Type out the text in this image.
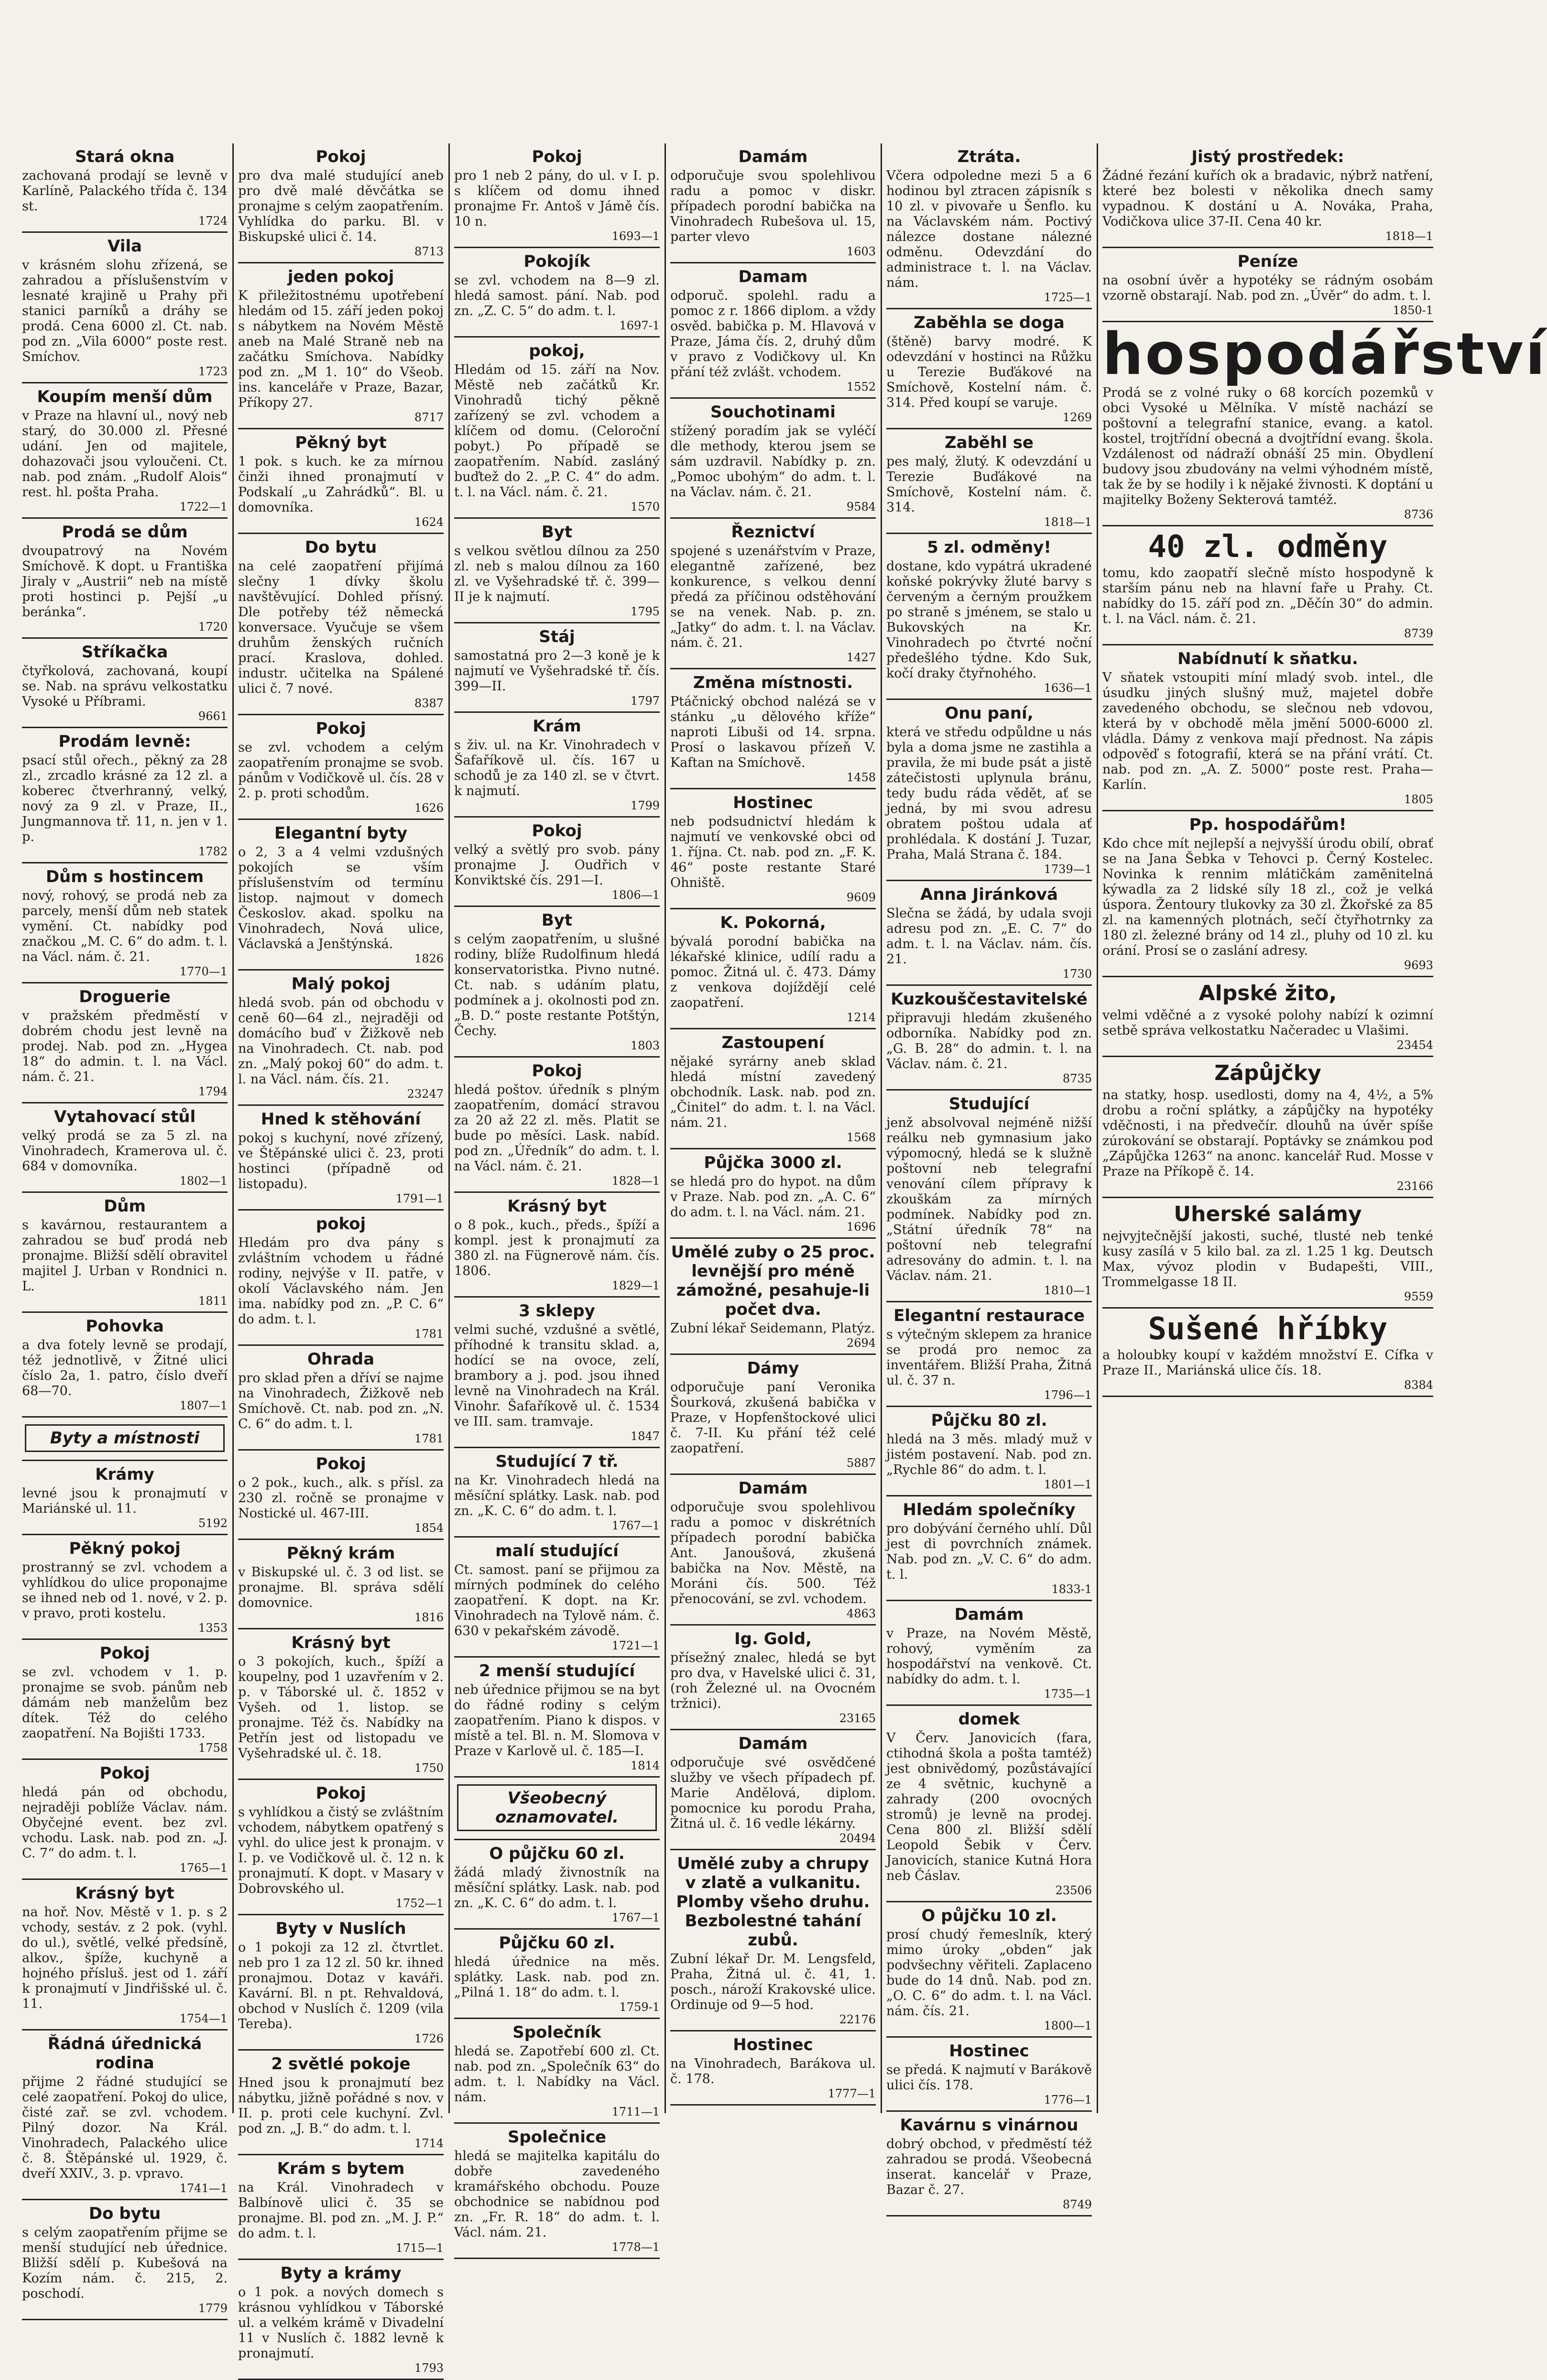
Stará okna
zachovaná prodají se levně v Karlíně, Palackého třída č. 134 st.
1724
Vila
v krásném slohu zřízená, se zahradou a příslušenstvím v lesnaté krajině u Prahy při stanici parníků a dráhy se prodá. Cena 6000 zl. Ct. nab. pod zn. „Vila 6000“ poste rest. Smíchov.
1723
Koupím menší dům
v Praze na hlavní ul., nový neb starý, do 30.000 zl. Přesné udání. Jen od majitele, dohazovači jsou vyloučeni. Ct. nab. pod znám. „Rudolf Alois“ rest. hl. pošta Praha.
1722—1
Prodá se dům
dvoupatrový na Novém Smíchově. K dopt. u Františka Jiraly v „Austrii“ neb na místě proti hostinci p. Pejší „u beránka“.
1720
Stříkačka
čtyřkolová, zachovaná, koupí se. Nab. na správu velkostatku Vysoké u Příbrami.
9661
Prodám levně:
psací stůl ořech., pěkný za 28 zl., zrcadlo krásné za 12 zl. a koberec čtverhranný, velký, nový za 9 zl. v Praze, II., Jungmannova tř. 11, n. jen v 1. p.
1782
Dům s hostincem
nový, rohový, se prodá neb za parcely, menší dům neb statek vymění. Ct. nabídky pod značkou „M. C. 6“ do adm. t. l. na Václ. nám. č. 21.
1770—1
Droguerie
v pražském předměstí v dobrém chodu jest levně na prodej. Nab. pod zn. „Hygea 18“ do admin. t. l. na Václ. nám. č. 21.
1794
Vytahovací stůl
velký prodá se za 5 zl. na Vinohradech, Kramerova ul. č. 684 v domovníka.
1802—1
Dům
s kavárnou, restaurantem a zahradou se buď prodá neb pronajme. Bližší sdělí obravitel majitel J. Urban v Rondnici n. L.
1811
Pohovka
a dva fotely levně se prodají, též jednotlivě, v Žitné ulici číslo 2a, 1. patro, číslo dveří 68—70.
1807—1
Byty a místnosti
Krámy
levné jsou k pronajmutí v Mariánské ul. 11.
5192
Pěkný pokoj
prostranný se zvl. vchodem a vyhlídkou do ulice proponajme se ihned neb od 1. nové, v 2. p. v pravo, proti kostelu.
1353
Pokoj
se zvl. vchodem v 1. p. pronajme se svob. pánům neb dámám neb manželům bez dítek. Též do celého zaopatření. Na Bojišti 1733.
1758
Pokoj
hledá pán od obchodu, nejraději poblíže Václav. nám. Obyčejné event. bez zvl. vchodu. Lask. nab. pod zn. „J. C. 7“ do adm. t. l.
1765—1
Krásný byt
na hoř. Nov. Městě v 1. p. s 2 vchody, sestáv. z 2 pok. (vyhl. do ul.), světlé, velké předsíně, alkov., špíže, kuchyně a hojného přísluš. jest od 1. září k pronajmutí v Jindřišské ul. č. 11.
1754—1
Řádná úřednická rodina
přijme 2 řádné studující se celé zaopatření. Pokoj do ulice, čisté zař. se zvl. vchodem. Pilný dozor. Na Král. Vinohradech, Palackého ulice č. 8. Štěpánské ul. 1929, č. dveří XXIV., 3. p. vpravo.
1741—1
Do bytu
s celým zaopatřením přijme se menší studující neb úřednice. Bližší sdělí p. Kubešová na Kozím nám. č. 215, 2. poschodí.
1779
Pokoj
pro dva malé studující aneb pro dvě malé děvčátka se pronajme s celým zaopatřením. Vyhlídka do parku. Bl. v Biskupské ulici č. 14.
8713
jeden pokoj
K přiležitostnému upotřebení hledám od 15. září jeden pokoj s nábytkem na Novém Městě aneb na Malé Straně neb na začátku Smíchova. Nabídky pod zn. „M 1. 10“ do Všeob. ins. kanceláře v Praze, Bazar, Příkopy 27.
8717
Pěkný byt
1 pok. s kuch. ke za mírnou činži ihned pronajmutí v Podskalí „u Zahrádků“. Bl. u domovníka.
1624
Do bytu
na celé zaopatření přijímá slečny 1 dívky školu navštěvující. Dohled přísný. Dle potřeby též německá konversace. Vyučuje se všem druhům ženských ručních prací. Kraslova, dohled. industr. učitelka na Spálené ulici č. 7 nové.
8387
Pokoj
se zvl. vchodem a celým zaopatřením pronajme se svob. pánům v Vodičkově ul. čís. 28 v 2. p. proti schodům.
1626
Elegantní byty
o 2, 3 a 4 velmi vzdušných pokojích se vším příslušenstvím od termínu listop. najmout v domech Českoslov. akad. spolku na Vinohradech, Nová ulice, Václavská a Jenštýnská.
1826
Malý pokoj
hledá svob. pán od obchodu v ceně 60—64 zl., nejraději od domácího buď v Žižkově neb na Vinohradech. Ct. nab. pod zn. „Malý pokoj 60“ do adm. t. l. na Václ. nám. čís. 21.
23247
Hned k stěhování
pokoj s kuchyní, nové zřízený, ve Štěpánské ulici č. 23, proti hostinci (případně od listopadu).
1791—1
pokoj
Hledám pro dva pány s zvláštním vchodem u řádné rodiny, nejvýše v II. patře, v okolí Václavského nám. Jen ima. nabídky pod zn. „P. C. 6“ do adm. t. l.
1781
Ohrada
pro sklad přen a dříví se najme na Vinohradech, Žižkově neb Smíchově. Ct. nab. pod zn. „N. C. 6“ do adm. t. l.
1781
Pokoj
o 2 pok., kuch., alk. s přísl. za 230 zl. ročně se pronajme v Nostické ul. 467-III.
1854
Pěkný krám
v Biskupské ul. č. 3 od list. se pronajme. Bl. správa sdělí domovnice.
1816
Krásný byt
o 3 pokojích, kuch., špíží a koupelny, pod 1 uzavřením v 2. p. v Táborské ul. č. 1852 v Vyšeh. od 1. listop. se pronajme. Též čs. Nabídky na Petřín jest od listopadu ve Vyšehradské ul. č. 18.
1750
Pokoj
s vyhlídkou a čistý se zvláštním vchodem, nábytkem opatřený s vyhl. do ulice jest k pronajm. v I. p. ve Vodičkově ul. č. 12 n. k pronajmutí. K dopt. v Masary v Dobrovského ul.
1752—1
Byty v Nuslích
o 1 pokoji za 12 zl. čtvrtlet. neb pro 1 za 12 zl. 50 kr. ihned pronajmou. Dotaz v kaváři. Kavární. Bl. n pt. Rehvaldová, obchod v Nuslích č. 1209 (vila Tereba).
1726
2 světlé pokoje
Hned jsou k pronajmutí bez nábytku, jižně pořádné s nov. v II. p. proti cele kuchyní. Zvl. pod zn. „J. B.“ do adm. t. l.
1714
Krám s bytem
na Král. Vinohradech v Balbínově ulici č. 35 se pronajme. Bl. pod zn. „M. J. P.“ do adm. t. l.
1715—1
Byty a krámy
o 1 pok. a nových domech s krásnou vyhlídkou v Táborské ul. a velkém krámě v Divadelní 11 v Nuslích č. 1882 levně k pronajmutí.
1793
Pokoj
pro 1 neb 2 pány, do ul. v I. p. s klíčem od domu ihned pronajme Fr. Antoš v Jámě čís. 10 n.
1693—1
Pokojík
se zvl. vchodem na 8—9 zl. hledá samost. pání. Nab. pod zn. „Z. C. 5“ do adm. t. l.
1697-1
pokoj,
Hledám od 15. září na Nov. Městě neb začátků Kr. Vinohradů tichý pěkně zařízený se zvl. vchodem a klíčem od domu. (Celoroční pobyt.) Po případě se zaopatřením. Nabíd. zasláný buďtež do 2. „P. C. 4“ do adm. t. l. na Václ. nám. č. 21.
1570
Byt
s velkou světlou dílnou za 250 zl. neb s malou dílnou za 160 zl. ve Vyšehradské tř. č. 399—II je k najmutí.
1795
Stáj
samostatná pro 2—3 koně je k najmutí ve Vyšehradské tř. čís. 399—II.
1797
Krám
s živ. ul. na Kr. Vinohradech v Šafaříkově ul. čís. 167 u schodů je za 140 zl. se v čtvrt. k najmutí.
1799
Pokoj
velký a světlý pro svob. pány pronajme J. Oudřich v Konviktské čís. 291—I.
1806—1
Byt
s celým zaopatřením, u slušné rodiny, blíže Rudolfinum hledá konservatoristka. Pivno nutné. Ct. nab. s udáním platu, podmínek a j. okolnosti pod zn. „B. D.“ poste restante Potštýn, Čechy.
1803
Pokoj
hledá poštov. úředník s plným zaopatřením, domácí stravou za 20 až 22 zl. měs. Platit se bude po měsíci. Lask. nabíd. pod zn. „Úředník“ do adm. t. l. na Václ. nám. č. 21.
1828—1
Krásný byt
o 8 pok., kuch., předs., špíží a kompl. jest k pronajmutí za 380 zl. na Fügnerově nám. čís. 1806.
1829—1
3 sklepy
velmi suché, vzdušné a světlé, příhodné k transitu sklad. a, hodící se na ovoce, zelí, brambory a j. pod. jsou ihned levně na Vinohradech na Král. Vinohr. Šafaříkově ul. č. 1534 ve III. sam. tramvaje.
1847
Studující 7 tř.
na Kr. Vinohradech hledá na měsíční splátky. Lask. nab. pod zn. „K. C. 6“ do adm. t. l.
1767—1
malí studující
Ct. samost. paní se přijmou za mírných podmínek do celého zaopatření. K dopt. na Kr. Vinohradech na Tylově nám. č. 630 v pekařském závodě.
1721—1
2 menší studující
neb úřednice přijmou se na byt do řádné rodiny s celým zaopatřením. Piano k dispos. v místě a tel. Bl. n. M. Slomova v Praze v Karlově ul. č. 185—I.
1814
Všeobecný oznamovatel.
O půjčku 60 zl.
žádá mladý živnostník na měsíční splátky. Lask. nab. pod zn. „K. C. 6“ do adm. t. l.
1767—1
Půjčku 60 zl.
hledá úřednice na měs. splátky. Lask. nab. pod zn. „Pilná 1. 18“ do adm. t. l.
1759-1
Společník
hledá se. Zapotřebí 600 zl. Ct. nab. pod zn. „Společník 63“ do adm. t. l. Nabídky na Václ. nám.
1711—1
Společnice
hledá se majitelka kapitálu do dobře zavedeného kramářského obchodu. Pouze obchodnice se nabídnou pod zn. „Fr. R. 18“ do adm. t. l. Václ. nám. 21.
1778—1
Damám
odporučuje svou spolehlivou radu a pomoc v diskr. případech porodní babička na Vinohradech Rubešova ul. 15, parter vlevo
1603
Damam
odporuč. spolehl. radu a pomoc z r. 1866 diplom. a vždy osvěd. babička p. M. Hlavová v Praze, Jáma čís. 2, druhý dům v pravo z Vodičkovy ul. Kn přání též zvlášt. vchodem.
1552
Souchotinami
stížený poradím jak se vyléčí dle methody, kterou jsem se sám uzdravil. Nabídky p. zn. „Pomoc ubohým“ do adm. t. l. na Václav. nám. č. 21.
9584
Řeznictví
spojené s uzenářstvím v Praze, elegantně zařízené, bez konkurence, s velkou denní předá za příčinou odstěhování se na venek. Nab. p. zn. „Jatky“ do adm. t. l. na Václav. nám. č. 21.
1427
Změna místnosti.
Ptáčnický obchod nalézá se v stánku „u dělového kříže“ naproti Libuši od 14. srpna. Prosí o laskavou přízeň V. Kaftan na Smíchově.
1458
Hostinec
neb podsudnictví hledám k najmutí ve venkovské obci od 1. října. Ct. nab. pod zn. „F. K. 46“ poste restante Staré Ohniště.
9609
K. Pokorná,
bývalá porodní babička na lékařské klinice, udílí radu a pomoc. Žitná ul. č. 473. Dámy z venkova dojíždějí celé zaopatření.
1214
Zastoupení
nějaké syrárny aneb sklad hledá místní zavedený obchodník. Lask. nab. pod zn. „Činitel“ do adm. t. l. na Václ. nám. 21.
1568
Půjčka 3000 zl.
se hledá pro do hypot. na dům v Praze. Nab. pod zn. „A. C. 6“ do adm. t. l. na Václ. nám. 21.
1696
Umělé zuby o 25 proc. levnější pro méně zámožné, pesahuje-li počet dva.
Zubní lékař Seidemann, Platýz.
2694
Dámy
odporučuje paní Veronika Šourková, zkušená babička v Praze, v Hopfenštockové ulici č. 7-II. Ku přání též celé zaopatření.
5887
Damám
odporučuje svou spolehlivou radu a pomoc v diskrétních případech porodní babička Ant. Janoušová, zkušená babička na Nov. Městě, na Moráni čís. 500. Též přenocování, se zvl. vchodem.
4863
Ig. Gold,
přísežný znalec, hledá se byt pro dva, v Havelské ulici č. 31, (roh Železné ul. na Ovocném tržnici).
23165
Damám
odporučuje své osvědčené služby ve všech případech pf. Marie Andělová, diplom. pomocnice ku porodu Praha, Žitná ul. č. 16 vedle lékárny.
20494
Umělé zuby a chrupy v zlatě a vulkanitu. Plomby všeho druhu. Bezbolestné tahání zubů.
Zubní lékař Dr. M. Lengsfeld, Praha, Žitná ul. č. 41, 1. posch., nároží Krakovské ulice. Ordinuje od 9—5 hod.
22176
Hostinec
na Vinohradech, Barákova ul. č. 178.
1777—1
Ztráta.
Včera odpoledne mezi 5 a 6 hodinou byl ztracen zápisník s 10 zl. v pivovaře u Šenflo. ku na Václavském nám. Poctivý nálezce dostane nálezné odměnu. Odevzdání do administrace t. l. na Václav. nám.
1725—1
Zaběhla se doga
(štěně) barvy modré. K odevzdání v hostinci na Růžku u Terezie Buďákové na Smíchově, Kostelní nám. č. 314. Před koupí se varuje.
1269
Zaběhl se
pes malý, žlutý. K odevzdání u Terezie Buďákové na Smíchově, Kostelní nám. č. 314.
1818—1
5 zl. odměny!
dostane, kdo vypátrá ukradené koňské pokrývky žluté barvy s červeným a černým proužkem po straně s jménem, se stalo u Bukovských na Kr. Vinohradech po čtvrté noční předešlého týdne. Kdo Suk, kočí draky čtyřnohého.
1636—1
Onu paní,
která ve středu odpůldne u nás byla a doma jsme ne zastihla a pravila, že mi bude psát a jistě zátečistosti uplynula bránu, tedy budu ráda vědět, ať se jedná, by mi svou adresu obratem poštou udala ať prohlédala. K dostání J. Tuzar, Praha, Malá Strana č. 184.
1739—1
Anna Jiránková
Slečna se žádá, by udala svoji adresu pod zn. „E. C. 7“ do adm. t. l. na Václav. nám. čís. 21.
1730
Kuzkouščestavitelské
připravuji hledám zkušeného odborníka. Nabídky pod zn. „G. B. 28“ do admin. t. l. na Václav. nám. č. 21.
8735
Studující
jenž absolvoval nejméně nižší reálku neb gymnasium jako výpomocný, hledá se k služně poštovní neb telegrafní venování cílem přípravy k zkouškám za mírných podmínek. Nabídky pod zn. „Státní úředník 78“ na poštovní neb telegrafní adresovány do admin. t. l. na Václav. nám. 21.
1810—1
Elegantní restaurace
s výtečným sklepem za hranice se prodá pro nemoc za inventářem. Bližší Praha, Žitná ul. č. 37 n.
1796—1
Půjčku 80 zl.
hledá na 3 měs. mladý muž v jistém postavení. Nab. pod zn. „Rychle 86“ do adm. t. l.
1801—1
Hledám společníky
pro dobývání černého uhlí. Důl jest di povrchních známek. Nab. pod zn. „V. C. 6“ do adm. t. l.
1833-1
Damám
v Praze, na Novém Městě, rohový, vyměním za hospodářství na venkově. Ct. nabídky do adm. t. l.
1735—1
domek
V Červ. Janovicích (fara, ctihodná škola a pošta tamtéž) jest obnivědomý, pozůstávající ze 4 světnic, kuchyně a zahrady (200 ovocných stromů) je levně na prodej. Cena 800 zl. Bližší sdělí Leopold Šebik v Červ. Janovicích, stanice Kutná Hora neb Čáslav.
23506
O půjčku 10 zl.
prosí chudý řemeslník, který mimo úroky „obden“ jak podvšechny věřiteli. Zaplaceno bude do 14 dnů. Nab. pod zn. „O. C. 6“ do adm. t. l. na Václ. nám. čís. 21.
1800—1
Hostinec
se předá. K najmutí v Barákově ulici čís. 178.
1776—1
Kavárnu s vinárnou
dobrý obchod, v předměstí též zahradou se prodá. Všeobecná inserat. kancelář v Praze, Bazar č. 27.
8749
Jistý prostředek:
Žádné řezání kuřích ok a bradavic, nýbrž natření, které bez bolesti v několika dnech samy vypadnou. K dostání u A. Nováka, Praha, Vodičkova ulice 37-II. Cena 40 kr.
1818—1
Peníze
na osobní úvěr a hypotéky se rádným osobám vzorně obstarají. Nab. pod zn. „Úvěr“ do adm. t. l.
1850-1
hospodářství
Prodá se z volné ruky o 68 korcích pozemků v obci Vysoké u Mělníka. V místě nachází se poštovní a telegrafní stanice, evang. a katol. kostel, trojtřídní obecná a dvojtřídní evang. škola. Vzdálenost od nádraží obnáší 25 min. Obydlení budovy jsou zbudovány na velmi výhodném místě, tak že by se hodily i k nějaké živnosti. K doptání u majitelky Boženy Sekterová tamtéž.
8736
40 zl. odměny
tomu, kdo zaopatří slečně místo hospodyně k starším pánu neb na hlavní faře u Prahy. Ct. nabídky do 15. září pod zn. „Děčín 30“ do admin. t. l. na Václ. nám. č. 21.
8739
Nabídnutí k sňatku.
V sňatek vstoupiti míní mladý svob. intel., dle úsudku jiných slušný muž, majetel dobře zavedeného obchodu, se slečnou neb vdovou, která by v obchodě měla jmění 5000-6000 zl. vládla. Dámy z venkova mají přednost. Na zápis odpověď s fotografií, která se na přání vrátí. Ct. nab. pod zn. „A. Z. 5000“ poste rest. Praha—Karlín.
1805
Pp. hospodářům!
Kdo chce mít nejlepší a nejvyšší úrodu obilí, obrať se na Jana Šebka v Tehovci p. Černý Kostelec. Novinka k rennim mlátičkám zaměnitelná kýwadla za 2 lidské síly 18 zl., což je velká úspora. Žentoury tlukovky za 30 zl. Žkořské za 85 zl. na kamenných plotnách, sečí čtyřhotrnky za 180 zl. železné brány od 14 zl., pluhy od 10 zl. ku orání. Prosí se o zaslání adresy.
9693
Alpské žito,
velmi vděčné a z vysoké polohy nabízí k ozimní setbě správa velkostatku Načeradec u Vlašimi.
23454
Zápůjčky
na statky, hosp. usedlosti, domy na 4, 4½, a 5% drobu a roční splátky, a zápůjčky na hypotéky vděčnosti, i na předvečír. dlouhů na úvěr spíše zúrokování se obstarají. Poptávky se známkou pod „Zápůjčka 1263“ na anonc. kancelář Rud. Mosse v Praze na Příkopě č. 14.
23166
Uherské salámy
nejvyjtečnější jakosti, suché, tlusté neb tenké kusy zasílá v 5 kilo bal. za zl. 1.25 1 kg. Deutsch Max, vývoz plodin v Budapešti, VIII., Trommelgasse 18 II.
9559
Sušené hříbky
a holoubky koupí v každém množství E. Cífka v Praze II., Mariánská ulice čís. 18.
8384
